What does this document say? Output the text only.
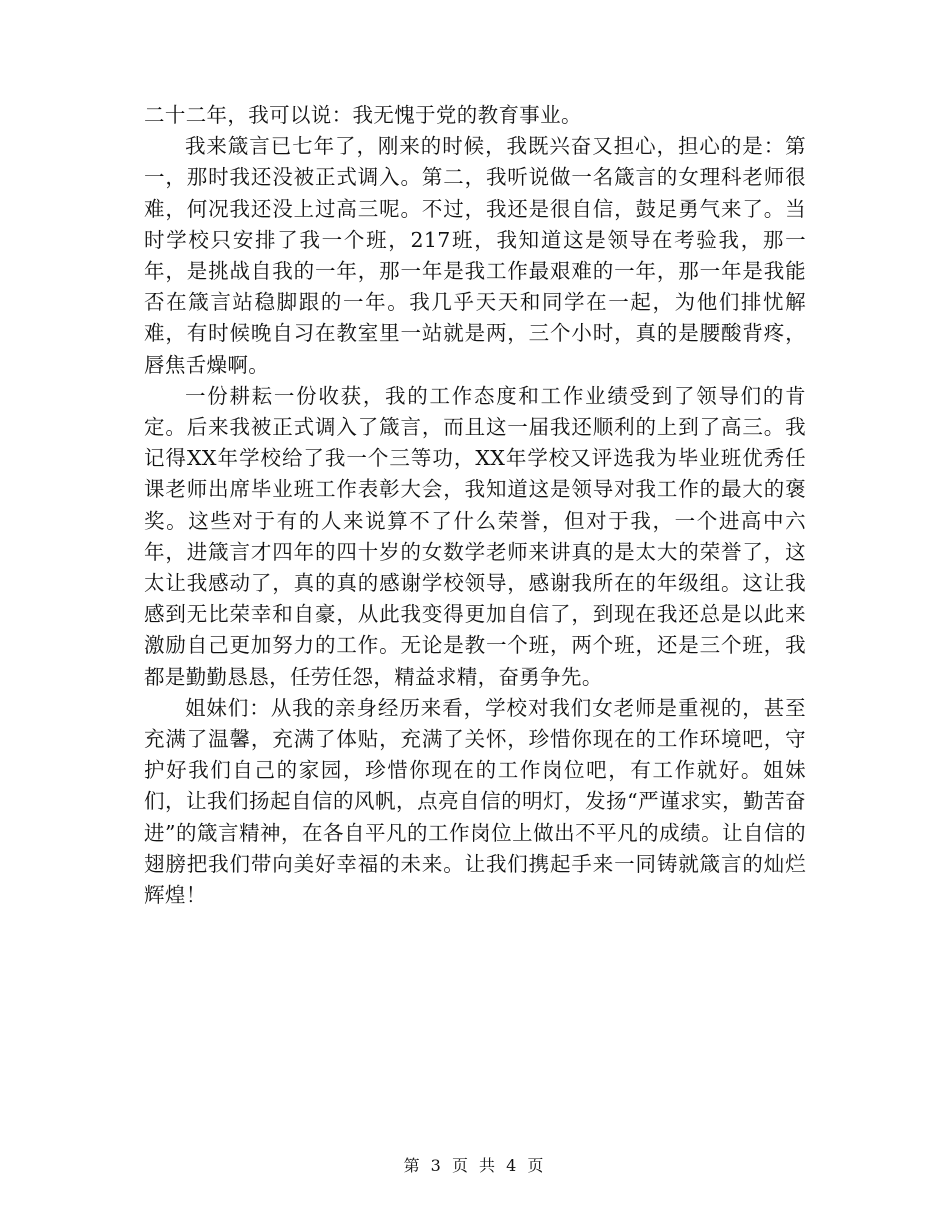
二十二年，我可以说：我无愧于党的教育事业。

我来箴言已七年了，刚来的时候，我既兴奋又担心，担心的是：第一，那时我还没被正式调入。第二，我听说做一名箴言的女理科老师很难，何况我还没上过高三呢。不过，我还是很自信，鼓足勇气来了。当时学校只安排了我一个班，217班，我知道这是领导在考验我，那一年，是挑战自我的一年，那一年是我工作最艰难的一年，那一年是我能否在箴言站稳脚跟的一年。我几乎天天和同学在一起，为他们排忧解难，有时候晚自习在教室里一站就是两，三个小时，真的是腰酸背疼，唇焦舌燥啊。

一份耕耘一份收获，我的工作态度和工作业绩受到了领导们的肯定。后来我被正式调入了箴言，而且这一届我还顺利的上到了高三。我记得XX年学校给了我一个三等功，XX年学校又评选我为毕业班优秀任课老师出席毕业班工作表彰大会，我知道这是领导对我工作的最大的褒奖。这些对于有的人来说算不了什么荣誉，但对于我，一个进高中六年，进箴言才四年的四十岁的女数学老师来讲真的是太大的荣誉了，这太让我感动了，真的真的感谢学校领导，感谢我所在的年级组。这让我感到无比荣幸和自豪，从此我变得更加自信了，到现在我还总是以此来激励自己更加努力的工作。无论是教一个班，两个班，还是三个班，我都是勤勤恳恳，任劳任怨，精益求精，奋勇争先。

姐妹们：从我的亲身经历来看，学校对我们女老师是重视的，甚至充满了温馨，充满了体贴，充满了关怀，珍惜你现在的工作环境吧，守护好我们自己的家园，珍惜你现在的工作岗位吧，有工作就好。姐妹们，让我们扬起自信的风帆，点亮自信的明灯，发扬“严谨求实，勤苦奋进”的箴言精神，在各自平凡的工作岗位上做出不平凡的成绩。让自信的翅膀把我们带向美好幸福的未来。让我们携起手来一同铸就箴言的灿烂辉煌！

第 3 页 共 4 页
